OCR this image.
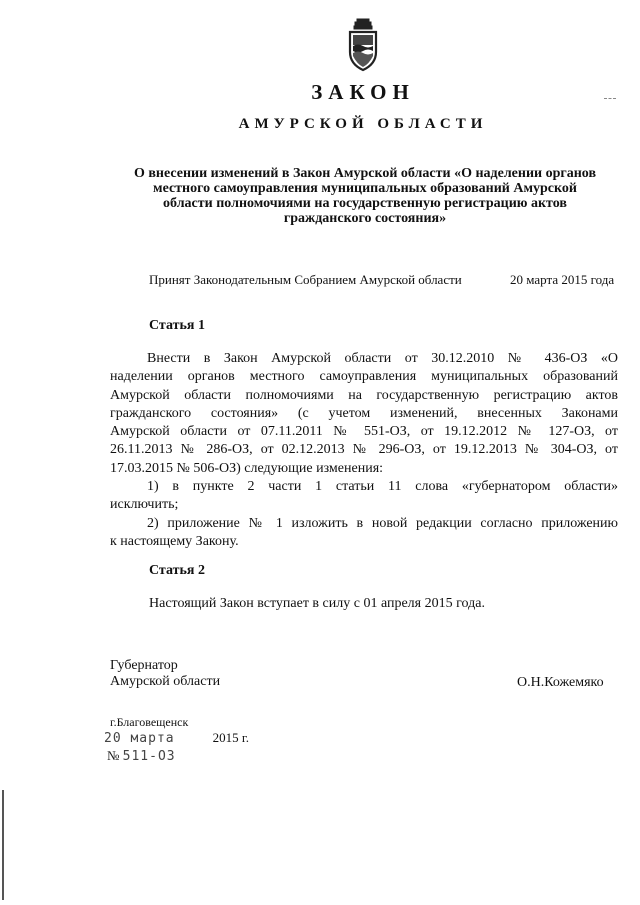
ЗАКОН
АМУРСКОЙ ОБЛАСТИ
О внесении изменений в Закон Амурской области «О наделении органов
местного самоуправления муниципальных образований Амурской
области полномочиями на государственную регистрацию актов
гражданского состояния»
Принят Законодательным Собранием Амурской области	20 марта 2015 года
Статья 1
Внести в Закон Амурской области от 30.12.2010 № 436-ОЗ «О
наделении органов местного самоуправления муниципальных образований
Амурской области полномочиями на государственную регистрацию актов
гражданского состояния» (с учетом изменений, внесенных Законами
Амурской области от 07.11.2011 № 551-ОЗ, от 19.12.2012 № 127-ОЗ, от
26.11.2013 № 286-ОЗ, от 02.12.2013 № 296-ОЗ, от 19.12.2013 № 304-ОЗ, от
17.03.2015 № 506-ОЗ) следующие изменения:
1) в пункте 2 части 1 статьи 11 слова «губернатором области»
исключить;
2) приложение № 1 изложить в новой редакции согласно приложению
к настоящему Закону.
Статья 2
Настоящий Закон вступает в силу с 01 апреля 2015 года.
Губернатор
Амурской области	О.Н.Кожемяко
г.Благовещенск
20 марта	2015 г.
№ 511-ОЗ
